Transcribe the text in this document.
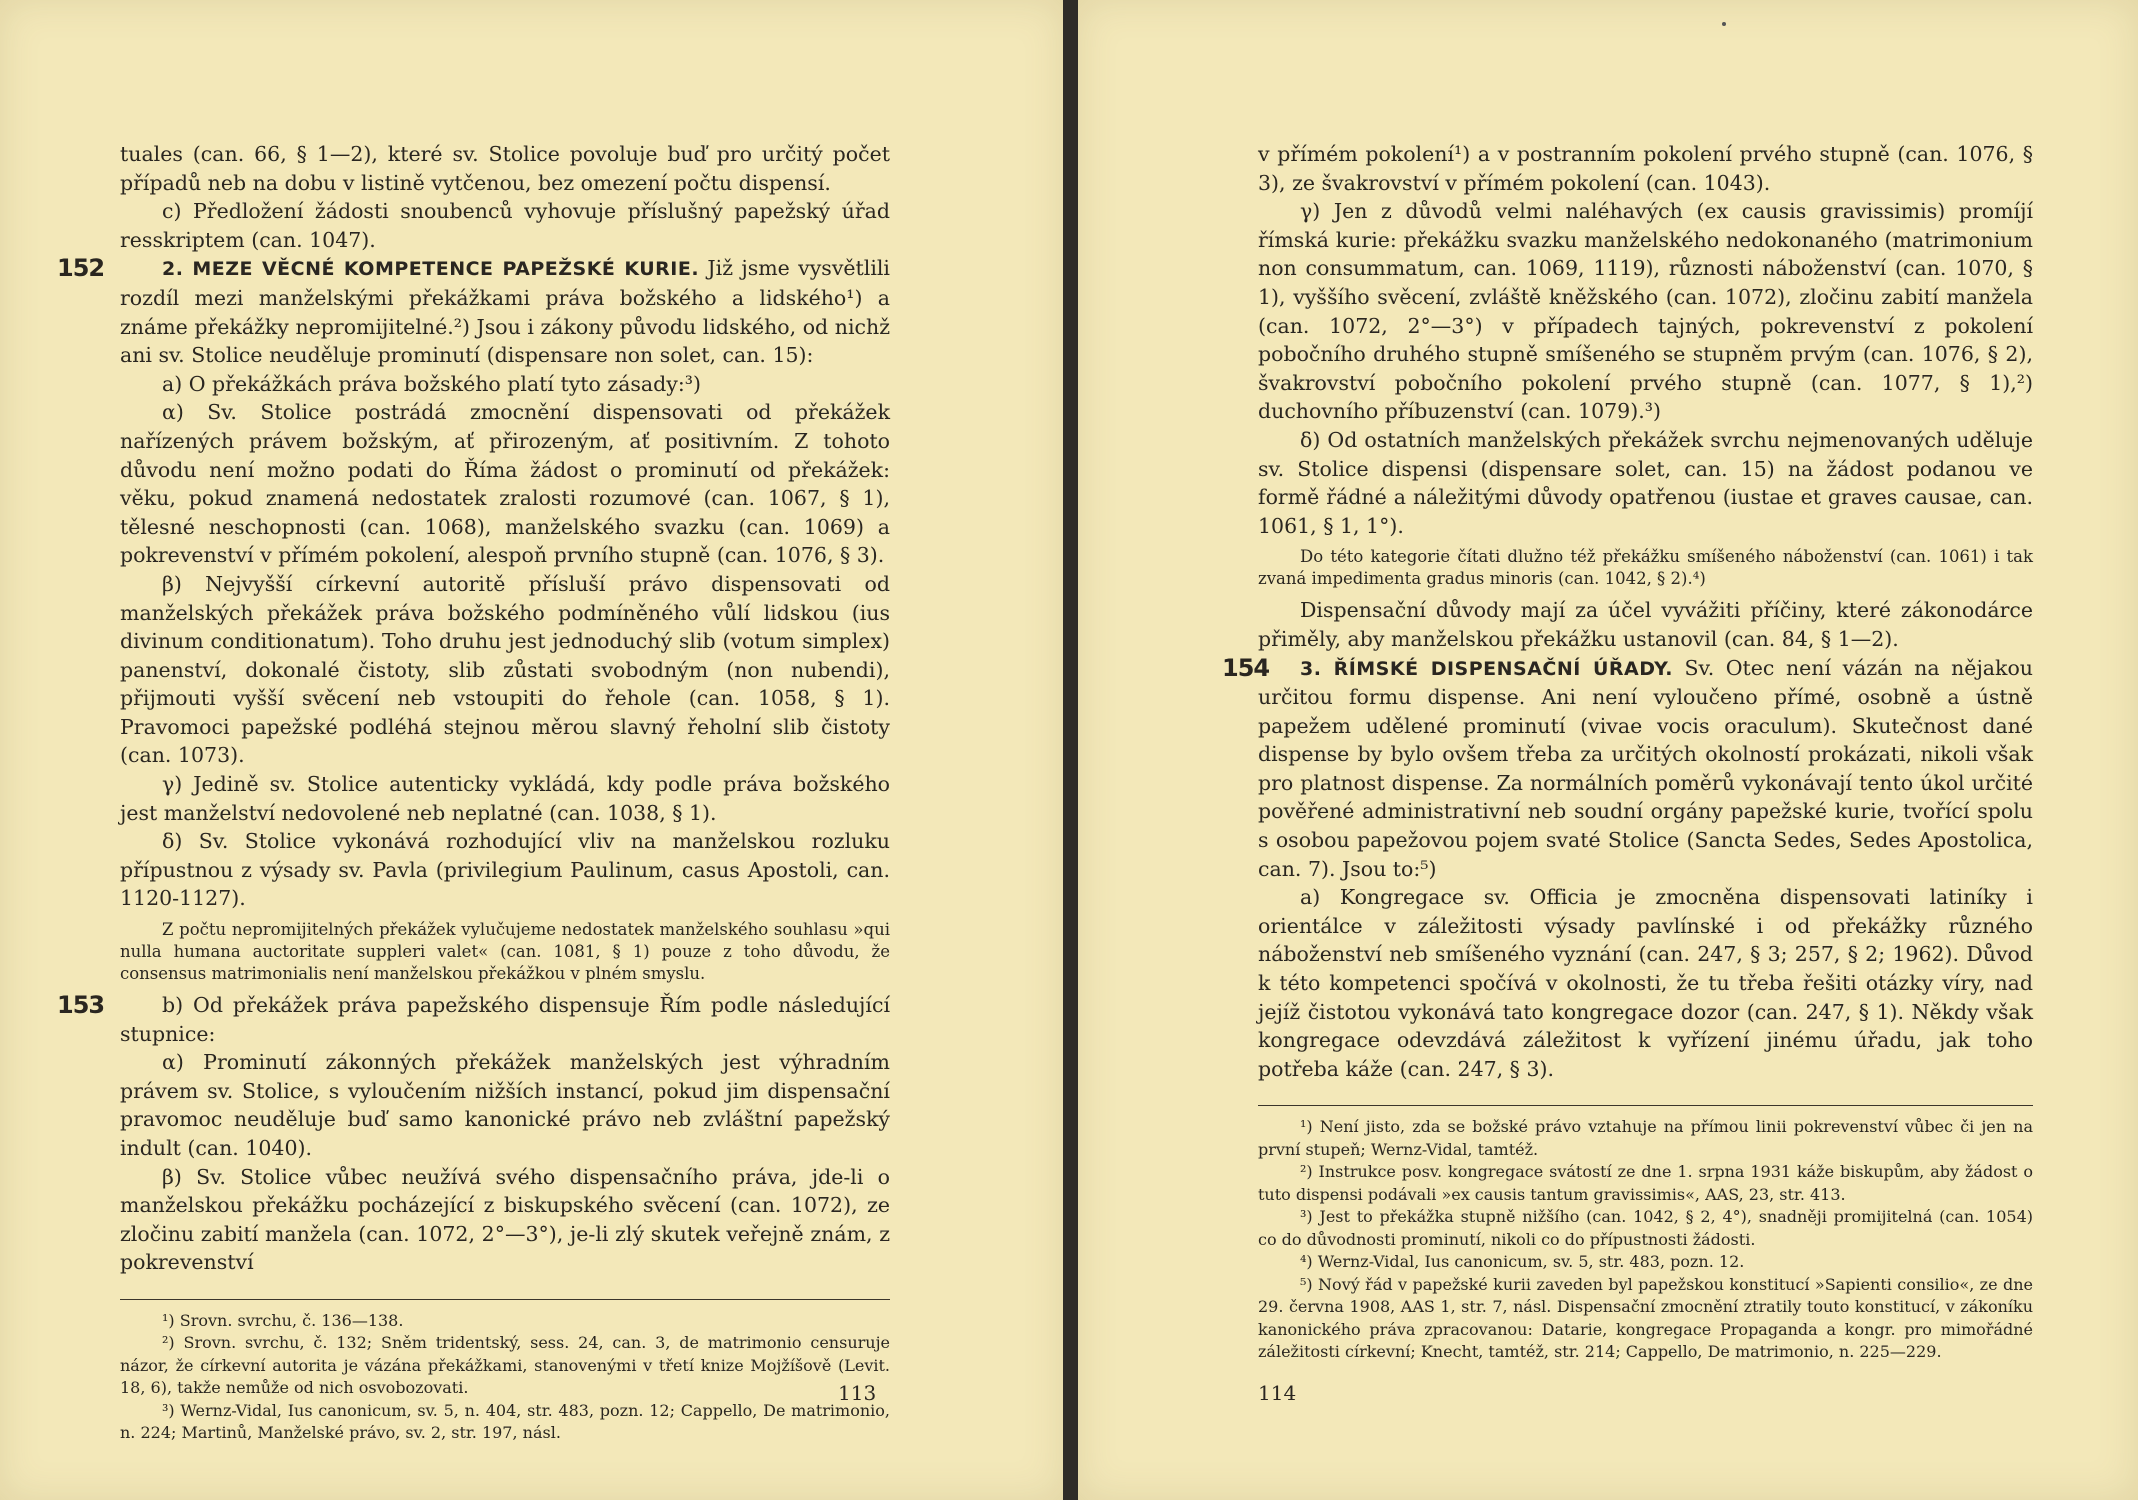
tuales (can. 66, § 1—2), které sv. Stolice povoluje buď pro určitý počet případů neb na dobu v listině vytčenou, bez omezení počtu dispensí.

c) Předložení žádosti snoubenců vyhovuje příslušný papežský úřad resskriptem (can. 1047).

152	2. MEZE VĚCNÉ KOMPETENCE PAPEŽSKÉ KURIE. Již jsme vysvětlili rozdíl mezi manželskými překážkami práva božského a lidského¹) a známe překážky nepromijitelné.²) Jsou i zákony původu lidského, od nichž ani sv. Stolice neuděluje prominutí (dispensare non solet, can. 15):

a) O překážkách práva božského platí tyto zásady:³)

α) Sv. Stolice postrádá zmocnění dispensovati od překážek nařízených právem božským, ať přirozeným, ať positivním. Z tohoto důvodu není možno podati do Říma žádost o prominutí od překážek: věku, pokud znamená nedostatek zralosti rozumové (can. 1067, § 1), tělesné neschopnosti (can. 1068), manželského svazku (can. 1069) a pokrevenství v přímém pokolení, alespoň prvního stupně (can. 1076, § 3).

β) Nejvyšší církevní autoritě přísluší právo dispensovati od manželských překážek práva božského podmíněného vůlí lidskou (ius divinum conditionatum). Toho druhu jest jednoduchý slib (votum simplex) panenství, dokonalé čistoty, slib zůstati svobodným (non nubendi), přijmouti vyšší svěcení neb vstoupiti do řehole (can. 1058, § 1). Pravomoci papežské podléhá stejnou měrou slavný řeholní slib čistoty (can. 1073).

γ) Jedině sv. Stolice autenticky vykládá, kdy podle práva božského jest manželství nedovolené neb neplatné (can. 1038, § 1).

δ) Sv. Stolice vykonává rozhodující vliv na manželskou rozluku přípustnou z výsady sv. Pavla (privilegium Paulinum, casus Apostoli, can. 1120-1127).

Z počtu nepromijitelných překážek vylučujeme nedostatek manželského souhlasu »qui nulla humana auctoritate suppleri valet« (can. 1081, § 1) pouze z toho důvodu, že consensus matrimonialis není manželskou překážkou v plném smyslu.

153	b) Od překážek práva papežského dispensuje Řím podle následující stupnice:

α) Prominutí zákonných překážek manželských jest výhradním právem sv. Stolice, s vyloučením nižších instancí, pokud jim dispensační pravomoc neuděluje buď samo kanonické právo neb zvláštní papežský indult (can. 1040).

β) Sv. Stolice vůbec neužívá svého dispensačního práva, jde-li o manželskou překážku pocházející z biskupského svěcení (can. 1072), ze zločinu zabití manžela (can. 1072, 2°—3°), je-li zlý skutek veřejně znám, z pokrevenství

¹) Srovn. svrchu, č. 136—138.

²) Srovn. svrchu, č. 132; Sněm tridentský, sess. 24, can. 3, de matrimonio censuruje názor, že církevní autorita je vázána překážkami, stanovenými v třetí knize Mojžíšově (Levit. 18, 6), takže nemůže od nich osvobozovati.

³) Wernz-Vidal, Ius canonicum, sv. 5, n. 404, str. 483, pozn. 12; Cappello, De matrimonio, n. 224; Martinů, Manželské právo, sv. 2, str. 197, násl.

113

v přímém pokolení¹) a v postranním pokolení prvého stupně (can. 1076, § 3), ze švakrovství v přímém pokolení (can. 1043).

γ) Jen z důvodů velmi naléhavých (ex causis gravissimis) promíjí římská kurie: překážku svazku manželského nedokonaného (matrimonium non consummatum, can. 1069, 1119), různosti náboženství (can. 1070, § 1), vyššího svěcení, zvláště kněžského (can. 1072), zločinu zabití manžela (can. 1072, 2°—3°) v případech tajných, pokrevenství z pokolení pobočního druhého stupně smíšeného se stupněm prvým (can. 1076, § 2), švakrovství pobočního pokolení prvého stupně (can. 1077, § 1),²) duchovního příbuzenství (can. 1079).³)

δ) Od ostatních manželských překážek svrchu nejmenovaných uděluje sv. Stolice dispensi (dispensare solet, can. 15) na žádost podanou ve formě řádné a náležitými důvody opatřenou (iustae et graves causae, can. 1061, § 1, 1°).

Do této kategorie čítati dlužno též překážku smíšeného náboženství (can. 1061) i tak zvaná impedimenta gradus minoris (can. 1042, § 2).⁴)

Dispensační důvody mají za účel vyvážiti příčiny, které zákonodárce přiměly, aby manželskou překážku ustanovil (can. 84, § 1—2).

154 3. ŘÍMSKÉ DISPENSAČNÍ ÚŘADY. Sv. Otec není vázán na nějakou určitou formu dispense. Ani není vyloučeno přímé, osobně a ústně papežem udělené prominutí (vivae vocis oraculum). Skutečnost dané dispense by bylo ovšem třeba za určitých okolností prokázati, nikoli však pro platnost dispense. Za normálních poměrů vykonávají tento úkol určité pověřené administrativní neb soudní orgány papežské kurie, tvořící spolu s osobou papežovou pojem svaté Stolice (Sancta Sedes, Sedes Apostolica, can. 7). Jsou to:⁵)

a) Kongregace sv. Officia je zmocněna dispensovati latiníky i orientálce v záležitosti výsady pavlínské i od překážky různého náboženství neb smíšeného vyznání (can. 247, § 3; 257, § 2; 1962). Důvod k této kompetenci spočívá v okolnosti, že tu třeba řešiti otázky víry, nad jejíž čistotou vykonává tato kongregace dozor (can. 247, § 1). Někdy však kongregace odevzdává záležitost k vyřízení jinému úřadu, jak toho potřeba káže (can. 247, § 3).

¹) Není jisto, zda se božské právo vztahuje na přímou linii pokrevenství vůbec či jen na první stupeň; Wernz-Vidal, tamtéž.

²) Instrukce posv. kongregace svátostí ze dne 1. srpna 1931 káže biskupům, aby žádost o tuto dispensi podávali »ex causis tantum gravissimis«, AAS, 23, str. 413.

³) Jest to překážka stupně nižšího (can. 1042, § 2, 4°), snadněji promijitelná (can. 1054) co do důvodnosti prominutí, nikoli co do přípustnosti žádosti.

⁴) Wernz-Vidal, Ius canonicum, sv. 5, str. 483, pozn. 12.

⁵) Nový řád v papežské kurii zaveden byl papežskou konstitucí »Sapienti consilio«, ze dne 29. června 1908, AAS 1, str. 7, násl. Dispensační zmocnění ztratily touto konstitucí, v zákoníku kanonického práva zpracovanou: Datarie, kongregace Propaganda a kongr. pro mimořádné záležitosti církevní; Knecht, tamtéž, str. 214; Cappello, De matrimonio, n. 225—229.

114
